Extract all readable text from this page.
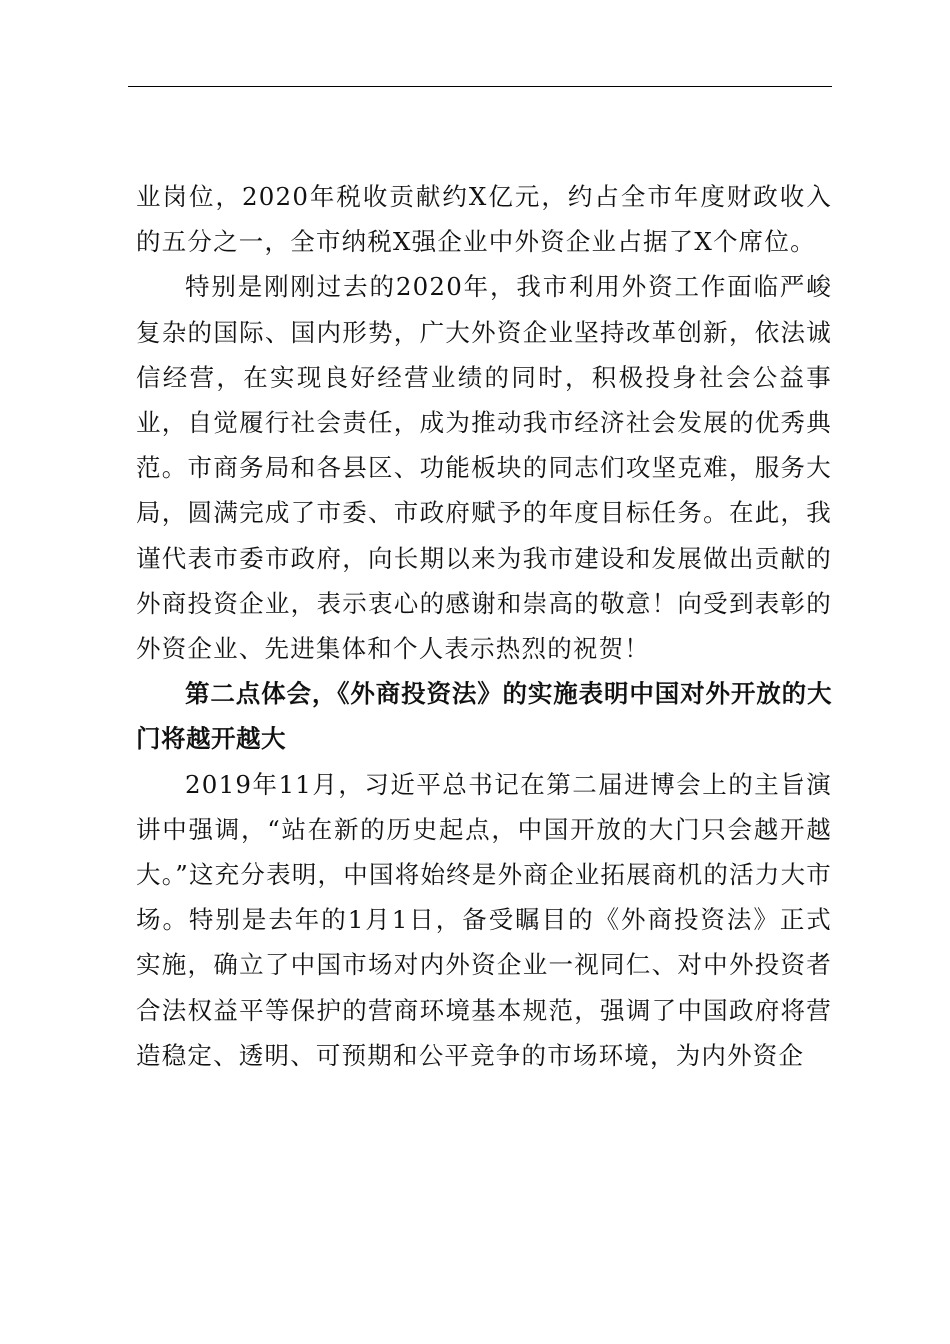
业岗位，2020年税收贡献约X亿元，约占全市年度财政收入的五分之一，全市纳税X强企业中外资企业占据了X个席位。

特别是刚刚过去的2020年，我市利用外资工作面临严峻复杂的国际、国内形势，广大外资企业坚持改革创新，依法诚信经营，在实现良好经营业绩的同时，积极投身社会公益事业，自觉履行社会责任，成为推动我市经济社会发展的优秀典范。市商务局和各县区、功能板块的同志们攻坚克难，服务大局，圆满完成了市委、市政府赋予的年度目标任务。在此，我谨代表市委市政府，向长期以来为我市建设和发展做出贡献的外商投资企业，表示衷心的感谢和崇高的敬意！向受到表彰的外资企业、先进集体和个人表示热烈的祝贺！

第二点体会，《外商投资法》的实施表明中国对外开放的大门将越开越大

2019年11月，习近平总书记在第二届进博会上的主旨演讲中强调，“站在新的历史起点，中国开放的大门只会越开越大。”这充分表明，中国将始终是外商企业拓展商机的活力大市场。特别是去年的1月1日，备受瞩目的《外商投资法》正式实施，确立了中国市场对内外资企业一视同仁、对中外投资者合法权益平等保护的营商环境基本规范，强调了中国政府将营造稳定、透明、可预期和公平竞争的市场环境，为内外资企
